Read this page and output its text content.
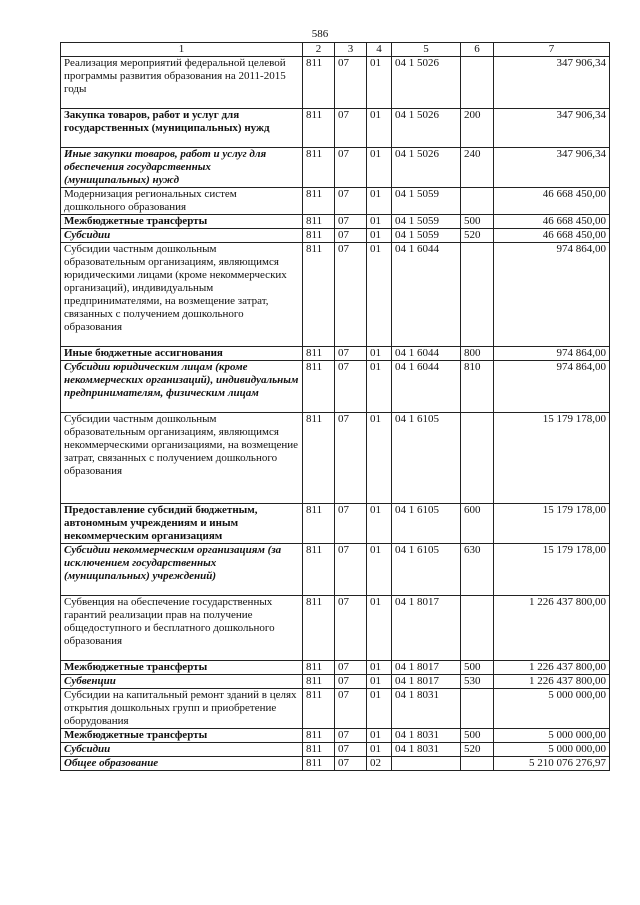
586
1	2	3	4	5	6	7
Реализация мероприятий федеральной целевой программы развития образования на 2011-2015 годы	811	07	01	04 1 5026		347 906,34
Закупка товаров, работ и услуг для государственных (муниципальных) нужд	811	07	01	04 1 5026	200	347 906,34
Иные закупки товаров, работ и услуг для обеспечения государственных (муниципальных) нужд	811	07	01	04 1 5026	240	347 906,34
Модернизация региональных систем дошкольного образования	811	07	01	04 1 5059		46 668 450,00
Межбюджетные трансферты	811	07	01	04 1 5059	500	46 668 450,00
Субсидии	811	07	01	04 1 5059	520	46 668 450,00
Субсидии частным дошкольным образовательным организациям, являющимся юридическими лицами (кроме некоммерческих организаций), индивидуальным предпринимателями, на возмещение затрат, связанных с получением дошкольного образования	811	07	01	04 1 6044		974 864,00
Иные бюджетные ассигнования	811	07	01	04 1 6044	800	974 864,00
Субсидии юридическим лицам (кроме некоммерческих организаций), индивидуальным предпринимателям, физическим лицам	811	07	01	04 1 6044	810	974 864,00
Субсидии частным дошкольным образовательным организациям, являющимся некоммерческими организациями, на возмещение затрат, связанных с получением дошкольного образования	811	07	01	04 1 6105		15 179 178,00
Предоставление субсидий бюджетным, автономным учреждениям и иным некоммерческим организациям	811	07	01	04 1 6105	600	15 179 178,00
Субсидии некоммерческим организациям (за исключением государственных (муниципальных) учреждений)	811	07	01	04 1 6105	630	15 179 178,00
Субвенция на обеспечение государственных гарантий реализации прав на получение общедоступного и бесплатного дошкольного образования	811	07	01	04 1 8017		1 226 437 800,00
Межбюджетные трансферты	811	07	01	04 1 8017	500	1 226 437 800,00
Субвенции	811	07	01	04 1 8017	530	1 226 437 800,00
Субсидии на капитальный ремонт зданий в целях открытия дошкольных групп и приобретение оборудования	811	07	01	04 1 8031		5 000 000,00
Межбюджетные трансферты	811	07	01	04 1 8031	500	5 000 000,00
Субсидии	811	07	01	04 1 8031	520	5 000 000,00
Общее образование	811	07	02			5 210 076 276,97
